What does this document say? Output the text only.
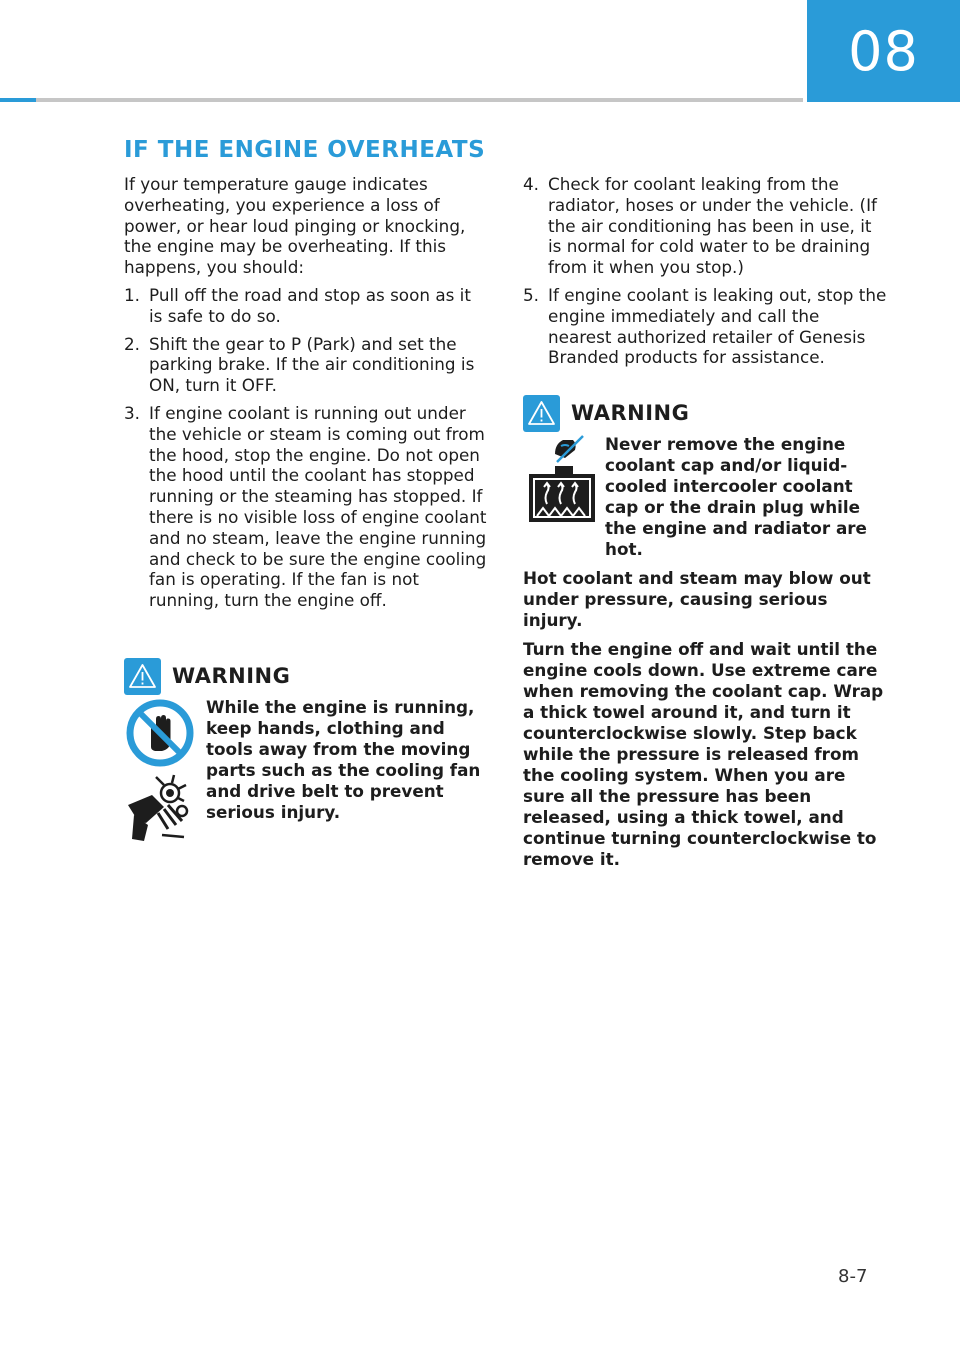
08
IF THE ENGINE OVERHEATS

If your temperature gauge indicates overheating, you experience a loss of power, or hear loud pinging or knocking, the engine may be overheating. If this happens, you should:

1. Pull off the road and stop as soon as it is safe to do so.
2. Shift the gear to P (Park) and set the parking brake. If the air conditioning is ON, turn it OFF.
3. If engine coolant is running out under the vehicle or steam is coming out from the hood, stop the engine. Do not open the hood until the coolant has stopped running or the steaming has stopped. If there is no visible loss of engine coolant and no steam, leave the engine running and check to be sure the engine cooling fan is operating. If the fan is not running, turn the engine off.
WARNING
While the engine is running, keep hands, clothing and tools away from the moving parts such as the cooling fan and drive belt to prevent serious injury.
4. Check for coolant leaking from the radiator, hoses or under the vehicle. (If the air conditioning has been in use, it is normal for cold water to be draining from it when you stop.)
5. If engine coolant is leaking out, stop the engine immediately and call the nearest authorized retailer of Genesis Branded products for assistance.
WARNING
Never remove the engine coolant cap and/or liquid-cooled intercooler coolant cap or the drain plug while the engine and radiator are hot.

Hot coolant and steam may blow out under pressure, causing serious injury.

Turn the engine off and wait until the engine cools down. Use extreme care when removing the coolant cap. Wrap a thick towel around it, and turn it counterclockwise slowly. Step back while the pressure is released from the cooling system. When you are sure all the pressure has been released, using a thick towel, and continue turning counterclockwise to remove it.

8-7
